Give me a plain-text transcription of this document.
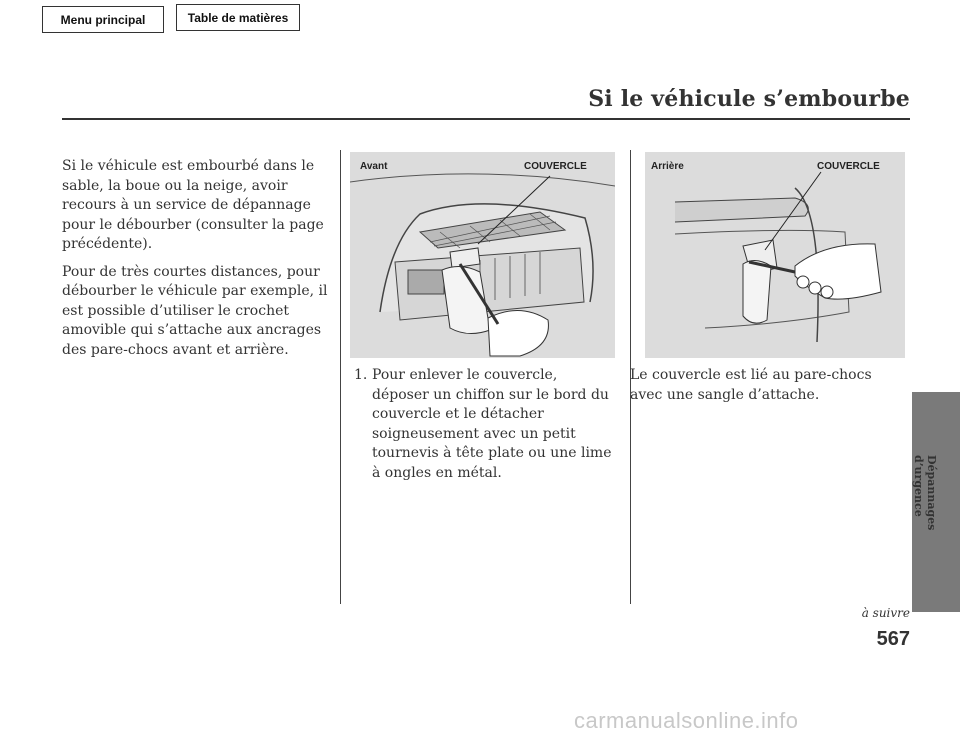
Menu principal	Table de matières
Si le véhicule s’embourbe

Si le véhicule est embourbé dans le sable, la boue ou la neige, avoir recours à un service de dépannage pour le débourber (consulter la page précédente).

Pour de très courtes distances, pour débourber le véhicule par exemple, il est possible d’utiliser le crochet amovible qui s’attache aux ancrages des pare-chocs avant et arrière.

Avant	COUVERCLE	Arrière	COUVERCLE
1. Pour enlever le couvercle, déposer un chiffon sur le bord du couvercle et le détacher soigneusement avec un petit tournevis à tête plate ou une lime à ongles en métal.
Le couvercle est lié au pare-chocs avec une sangle d’attache.
Dépannages d’urgence
à suivre
567
carmanualsonline.info
